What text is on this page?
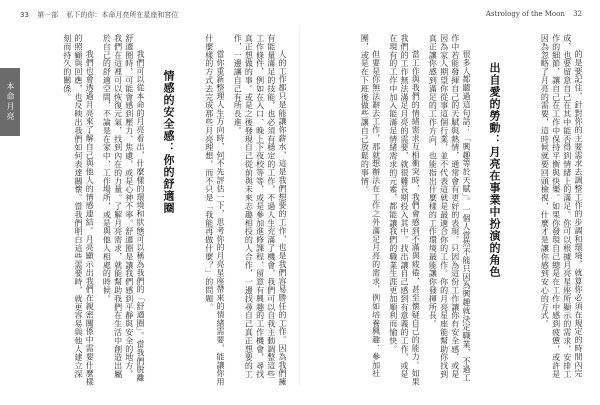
33 第一部 私下的你：本命月亮所在星座和宮位	Astrology of the Moon 32
本命月亮	人的工作都只是能讓你薪水，這是我們想要的工作，也是我們容易勝任的工作。因為我們擁有能量滿足的技能，也必須有穩定的工作，不過人生充滿了機會，我們可以自我主動調整這些工作條件，例如在入口、晚上下夜校等等，或是參加進修課程，留意有興趣的工作機會，尋找真正想做的事。或是之後發現自己從前與未來志趣相投的人合作，一邊找尋自己真正想要的工作，一邊讓自己有所長進。

當你重新整理人生方向時，何不先評估一下，思考你的月亮星座帶來的情緒需要，能讓你用什麼樣的方式去完成那些月亮理想，而不只是「我能再做什麼？」的問題。

情感的安全感：你的舒適圈

我們可以從本命的月亮看出，什麼樣的環境和狀態可以稱為我們的「舒適圈」。當我們脫離舒適圈時，可能會感到壓力、焦慮，或是心神不寧。舒適圈是讓我們感到平靜與安全的地方，我們在這裡可以恢復元氣，找到內在的力量。了解月亮需求，就能幫助我們在生活中創造出屬於自己的舒適空間，不論是在家中、工作場所，或是與他人相處的時候。

我們也會透過月亮來了解自己與他人的情感連結。月亮顯示出我們在親密關係中需要什麼樣的照顧與回應，也反映出我們如何表達關懷。當我們明白這些需要時，就更容易與他人建立深刻而持久的關係。	的是要記住，針對你的主要需求去調整工作的步調和環境，就算你必須在規定的時間內完成，也要留意自己在其中能否得到情緒上的滿足。你可以根據月亮星座所顯示的需求，安排工作的細節，讓自己在工作中保持平衡與快樂。如果你發現自己總是在工作中感到疲憊，或許是因為忽略了月亮的需要，這時候就要回頭檢視，什麼才是讓你感到安心的方式。

出自愛的勞動：月亮在事業中扮演的角色

很多人都聽過這句話：「興趣等於天賦」。一個人當然不能只因為興趣就決定職業，不過工作中若能發揮自己的天賦與熱情，通常會有更好的表現。只因為這份工作讓你有安全感，或是因為家人期望你從事這個行業，並不代表這就是最適合你的工作。你的月亮星座能幫助你找到真正讓你感到滿足的工作方向，也能指出什麼樣的工作環境最能讓你發揮所長。

當工作與我們的情緒需求互相衝突時，我們會感到不滿與疲倦，甚至懷疑自己的能力。如果我們的工作無法滿足月亮的需要，就很難長期投入其中。找出讓自己感到有意義的工作，或是在現有的工作中加入能滿足情緒需求的元素，都能讓我們的職業生涯更加順利而愉快。

但要是你無法辭去工作，那就想辦法在工作之外滿足月亮的需求，例如培養興趣、參加社團，或是在下班後做些讓自己放鬆的事情。
